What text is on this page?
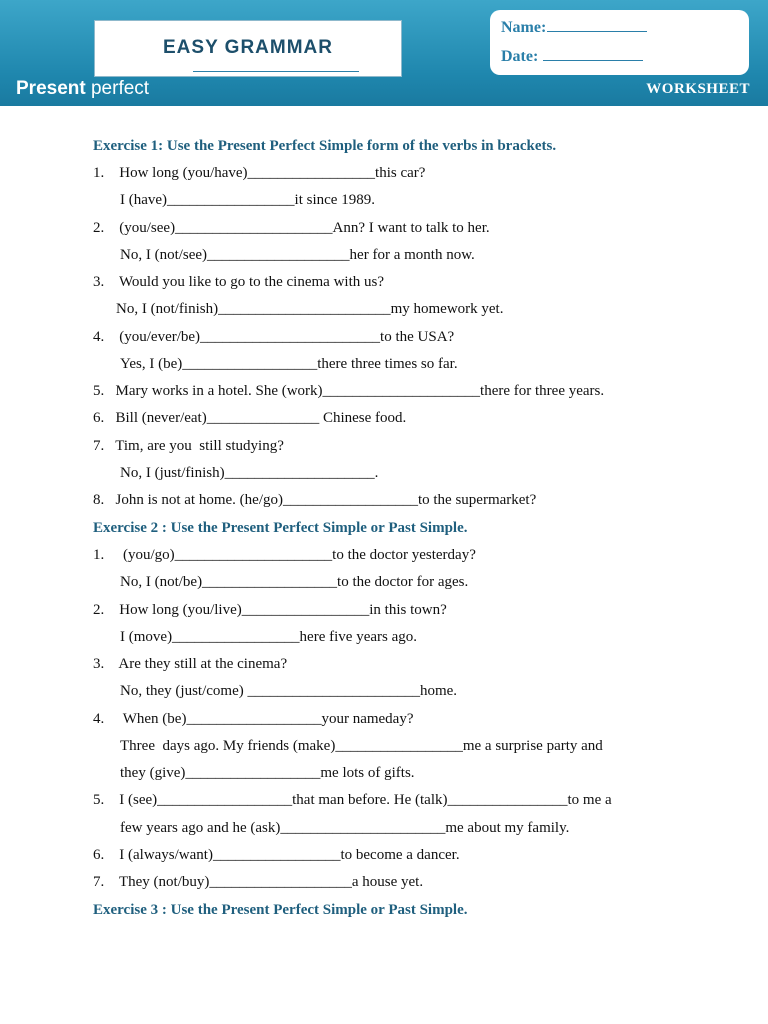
EASY GRAMMAR
Name:
Date:
Present perfect	WORKSHEET
Exercise 1: Use the Present Perfect Simple form of the verbs in brackets.
1.    How long (you/have)_________________this car?
I (have)_________________it since 1989.
2.    (you/see)_____________________Ann? I want to talk to her.
No, I (not/see)___________________her for a month now.
3.    Would you like to go to the cinema with us?
No, I (not/finish)_______________________my homework yet.
4.    (you/ever/be)________________________to the USA?
Yes, I (be)__________________there three times so far.
5.   Mary works in a hotel. She (work)_____________________there for three years.
6.   Bill (never/eat)_______________ Chinese food.
7.   Tim, are you  still studying?
No, I (just/finish)____________________.
8.   John is not at home. (he/go)__________________to the supermarket?
Exercise 2 : Use the Present Perfect Simple or Past Simple.
1.     (you/go)_____________________to the doctor yesterday?
No, I (not/be)__________________to the doctor for ages.
2.    How long (you/live)_________________in this town?
I (move)_________________here five years ago.
3.    Are they still at the cinema?
No, they (just/come) _______________________home.
4.     When (be)__________________your nameday?
Three  days ago. My friends (make)_________________me a surprise party and
they (give)__________________me lots of gifts.
5.    I (see)__________________that man before. He (talk)________________to me a
few years ago and he (ask)______________________me about my family.
6.    I (always/want)_________________to become a dancer.
7.    They (not/buy)___________________a house yet.
Exercise 3 : Use the Present Perfect Simple or Past Simple.
